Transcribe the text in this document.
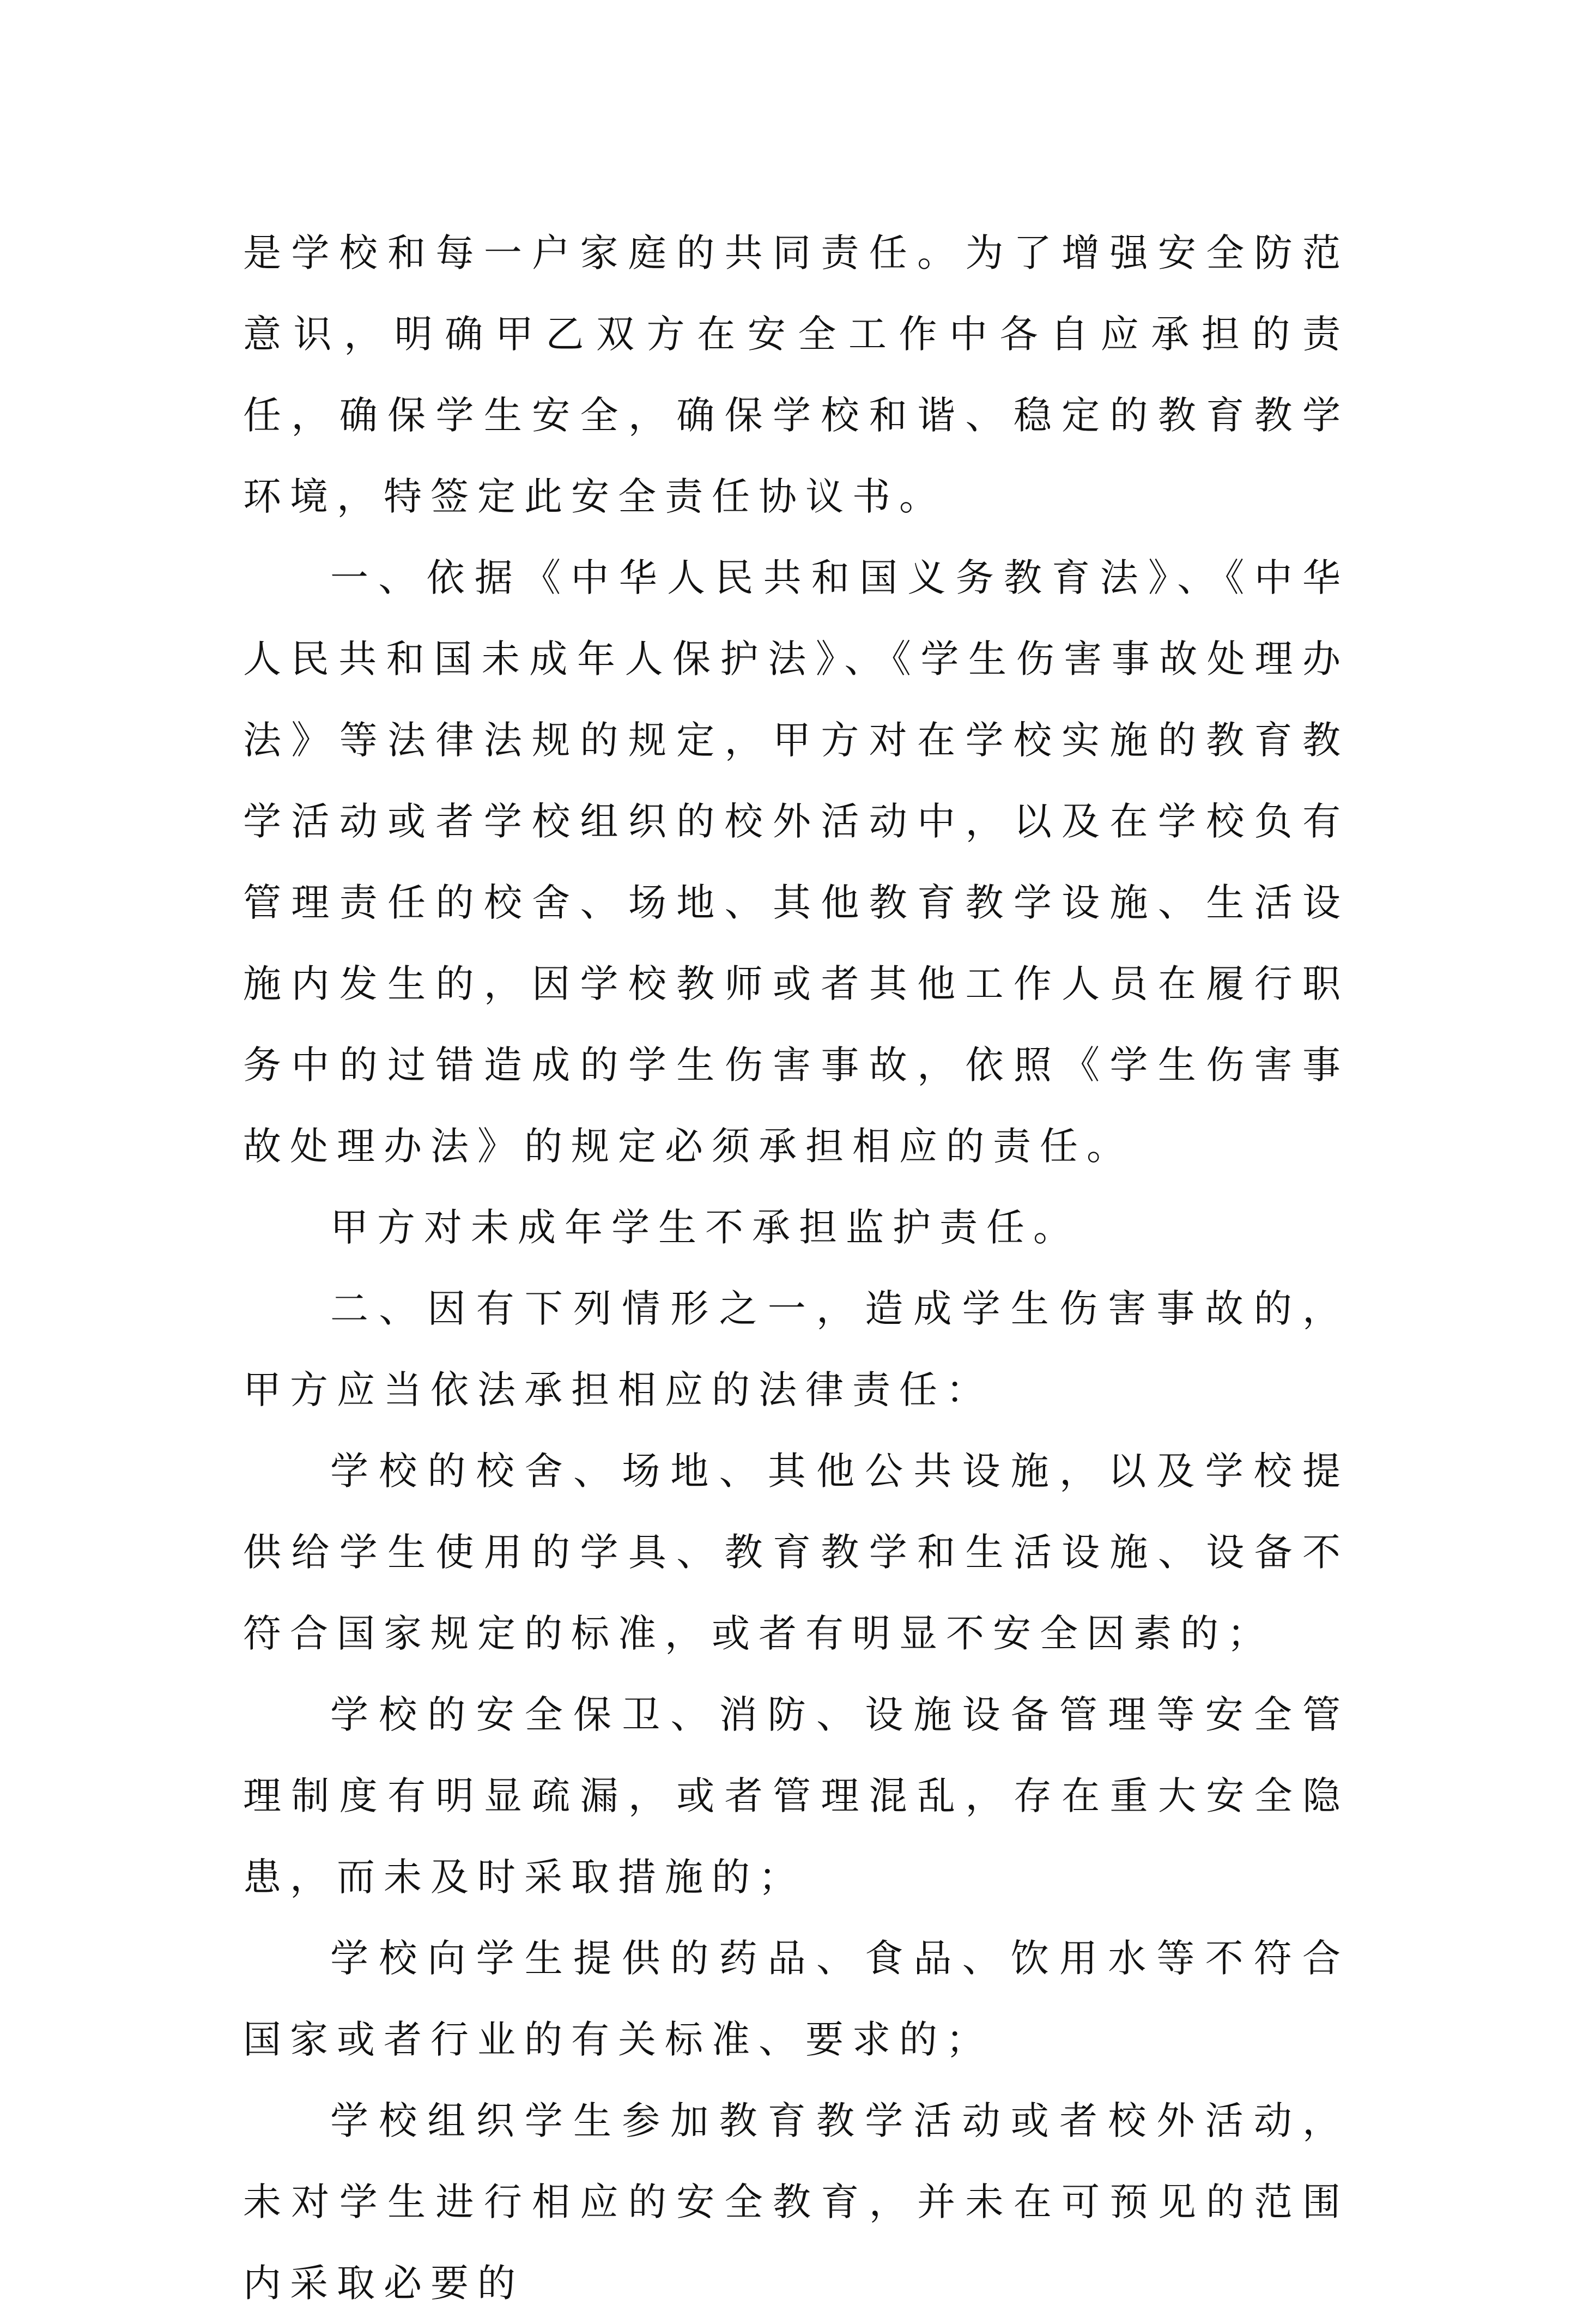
是学校和每一户家庭的共同责任。为了增强安全防范意识，明确甲乙双方在安全工作中各自应承担的责任，确保学生安全，确保学校和谐、稳定的教育教学环境，特签定此安全责任协议书。

一、依据《中华人民共和国义务教育法》、《中华人民共和国未成年人保护法》、《学生伤害事故处理办法》等法律法规的规定，甲方对在学校实施的教育教学活动或者学校组织的校外活动中，以及在学校负有管理责任的校舍、场地、其他教育教学设施、生活设施内发生的，因学校教师或者其他工作人员在履行职务中的过错造成的学生伤害事故，依照《学生伤害事故处理办法》的规定必须承担相应的责任。

甲方对未成年学生不承担监护责任。

二、因有下列情形之一，造成学生伤害事故的，甲方应当依法承担相应的法律责任：

学校的校舍、场地、其他公共设施，以及学校提供给学生使用的学具、教育教学和生活设施、设备不符合国家规定的标准，或者有明显不安全因素的；

学校的安全保卫、消防、设施设备管理等安全管理制度有明显疏漏，或者管理混乱，存在重大安全隐患，而未及时采取措施的；

学校向学生提供的药品、食品、饮用水等不符合国家或者行业的有关标准、要求的；

学校组织学生参加教育教学活动或者校外活动，未对学生进行相应的安全教育，并未在可预见的范围内采取必要的
